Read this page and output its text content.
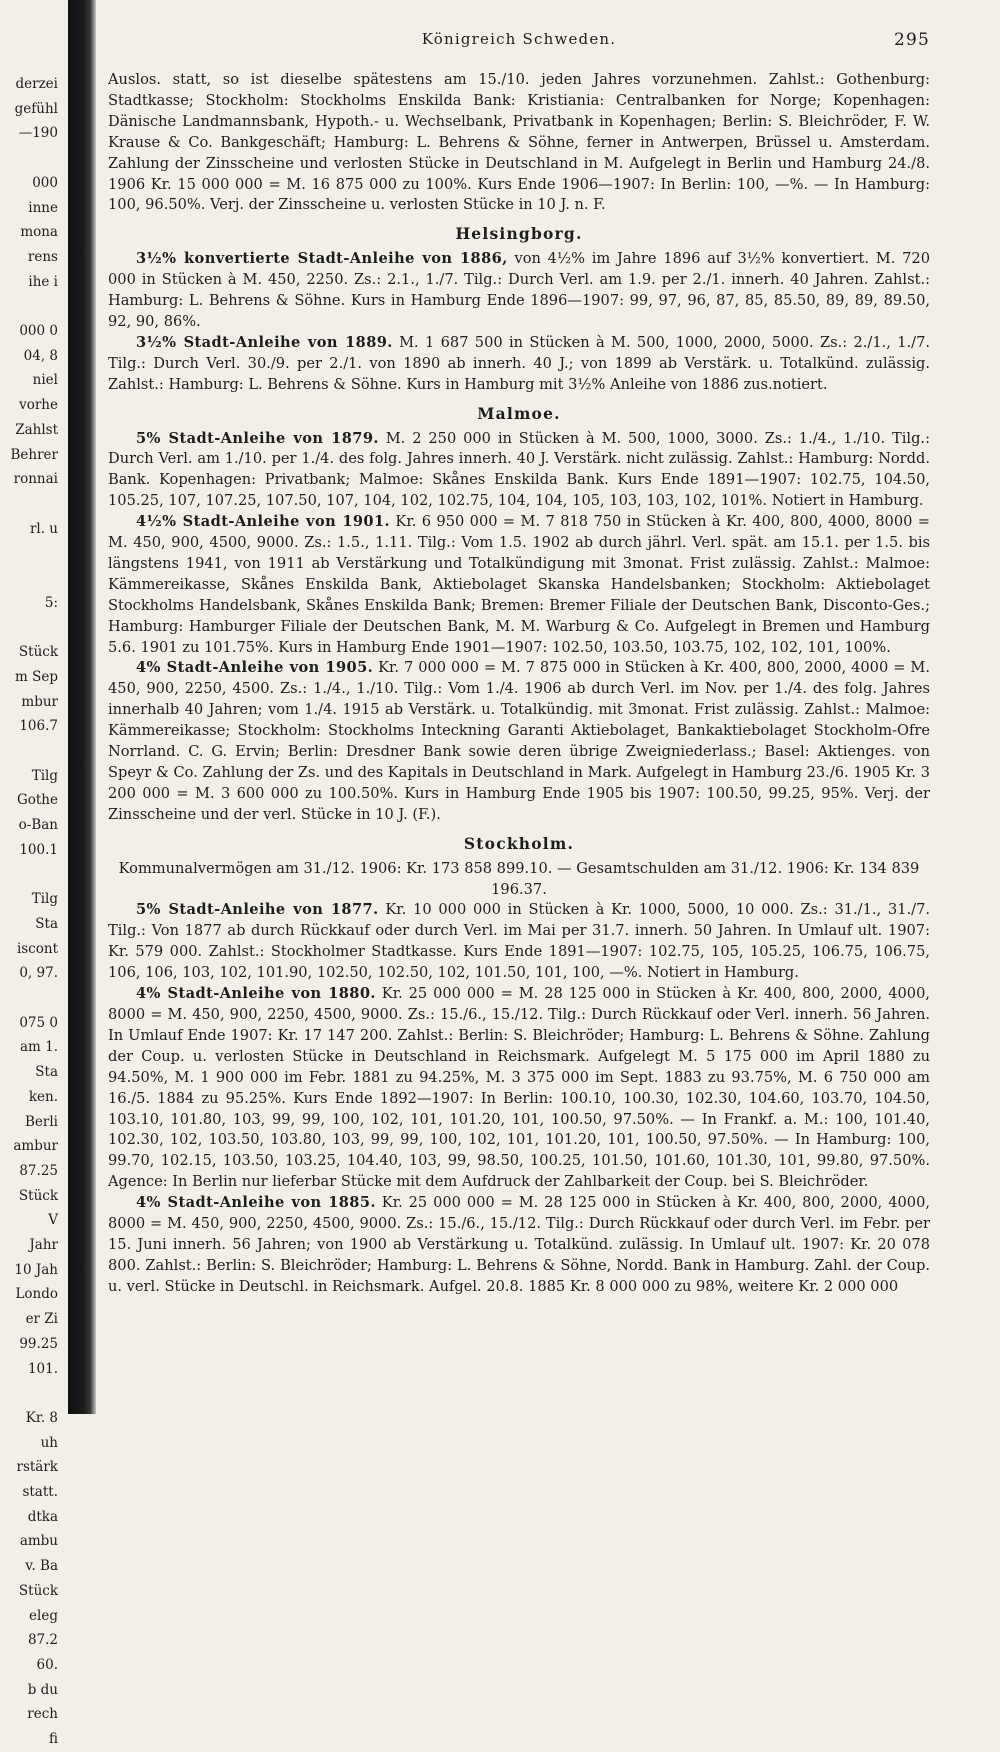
derzei
gefühl
—190

000
inne
mona
rens
ihe i

000 0
04, 8
niel
vorhe
Zahlst
Behrer
ronnai

rl. u

5:

Stück
m Sep
mbur
106.7

Tilg
Gothe
o-Ban
100.1

Tilg
Sta
iscont
0, 97.

075 0
am 1.
Sta
ken.
Berli
ambur
87.25
Stück
V
Jahr
10 Jah
Londo
er Zi
99.25
101.

Kr. 8
uh
rstärk
statt.
dtka
ambu
v. Ba
Stück
eleg
87.2
60.
b du
rech
fi
Königreich Schweden.	295

Auslos. statt, so ist dieselbe spätestens am 15./10. jeden Jahres vorzunehmen. Zahlst.: Gothenburg: Stadtkasse; Stockholm: Stockholms Enskilda Bank: Kristiania: Centralbanken for Norge; Kopenhagen: Dänische Landmannsbank, Hypoth.- u. Wechselbank, Privatbank in Kopenhagen; Berlin: S. Bleichröder, F. W. Krause & Co. Bankgeschäft; Hamburg: L. Behrens & Söhne, ferner in Antwerpen, Brüssel u. Amsterdam. Zahlung der Zinsscheine und verlosten Stücke in Deutschland in M. Aufgelegt in Berlin und Hamburg 24./8. 1906 Kr. 15 000 000 = M. 16 875 000 zu 100%. Kurs Ende 1906—1907: In Berlin: 100, —%. — In Hamburg: 100, 96.50%. Verj. der Zinsscheine u. verlosten Stücke in 10 J. n. F.

Helsingborg.

3½% konvertierte Stadt-Anleihe von 1886, von 4½% im Jahre 1896 auf 3½% konvertiert. M. 720 000 in Stücken à M. 450, 2250. Zs.: 2.1., 1./7. Tilg.: Durch Verl. am 1.9. per 2./1. innerh. 40 Jahren. Zahlst.: Hamburg: L. Behrens & Söhne. Kurs in Hamburg Ende 1896—1907: 99, 97, 96, 87, 85, 85.50, 89, 89, 89.50, 92, 90, 86%.

3½% Stadt-Anleihe von 1889. M. 1 687 500 in Stücken à M. 500, 1000, 2000, 5000. Zs.: 2./1., 1./7. Tilg.: Durch Verl. 30./9. per 2./1. von 1890 ab innerh. 40 J.; von 1899 ab Verstärk. u. Totalkünd. zulässig. Zahlst.: Hamburg: L. Behrens & Söhne. Kurs in Hamburg mit 3½% Anleihe von 1886 zus.notiert.

Malmoe.

5% Stadt-Anleihe von 1879. M. 2 250 000 in Stücken à M. 500, 1000, 3000. Zs.: 1./4., 1./10. Tilg.: Durch Verl. am 1./10. per 1./4. des folg. Jahres innerh. 40 J. Verstärk. nicht zulässig. Zahlst.: Hamburg: Nordd. Bank. Kopenhagen: Privatbank; Malmoe: Skånes Enskilda Bank. Kurs Ende 1891—1907: 102.75, 104.50, 105.25, 107, 107.25, 107.50, 107, 104, 102, 102.75, 104, 104, 105, 103, 103, 102, 101%. Notiert in Hamburg.

4½% Stadt-Anleihe von 1901. Kr. 6 950 000 = M. 7 818 750 in Stücken à Kr. 400, 800, 4000, 8000 = M. 450, 900, 4500, 9000. Zs.: 1.5., 1.11. Tilg.: Vom 1.5. 1902 ab durch jährl. Verl. spät. am 15.1. per 1.5. bis längstens 1941, von 1911 ab Verstärkung und Totalkündigung mit 3monat. Frist zulässig. Zahlst.: Malmoe: Kämmereikasse, Skånes Enskilda Bank, Aktiebolaget Skanska Handelsbanken; Stockholm: Aktiebolaget Stockholms Handelsbank, Skånes Enskilda Bank; Bremen: Bremer Filiale der Deutschen Bank, Disconto-Ges.; Hamburg: Hamburger Filiale der Deutschen Bank, M. M. Warburg & Co. Aufgelegt in Bremen und Hamburg 5.6. 1901 zu 101.75%. Kurs in Hamburg Ende 1901—1907: 102.50, 103.50, 103.75, 102, 102, 101, 100%.

4% Stadt-Anleihe von 1905. Kr. 7 000 000 = M. 7 875 000 in Stücken à Kr. 400, 800, 2000, 4000 = M. 450, 900, 2250, 4500. Zs.: 1./4., 1./10. Tilg.: Vom 1./4. 1906 ab durch Verl. im Nov. per 1./4. des folg. Jahres innerhalb 40 Jahren; vom 1./4. 1915 ab Verstärk. u. Totalkündig. mit 3monat. Frist zulässig. Zahlst.: Malmoe: Kämmereikasse; Stockholm: Stockholms Inteckning Garanti Aktiebolaget, Bankaktiebolaget Stockholm-Ofre Norrland. C. G. Ervin; Berlin: Dresdner Bank sowie deren übrige Zweigniederlass.; Basel: Aktienges. von Speyr & Co. Zahlung der Zs. und des Kapitals in Deutschland in Mark. Aufgelegt in Hamburg 23./6. 1905 Kr. 3 200 000 = M. 3 600 000 zu 100.50%. Kurs in Hamburg Ende 1905 bis 1907: 100.50, 99.25, 95%. Verj. der Zinsscheine und der verl. Stücke in 10 J. (F.).

Stockholm.

Kommunalvermögen am 31./12. 1906: Kr. 173 858 899.10. — Gesamtschulden am 31./12. 1906: Kr. 134 839 196.37.

5% Stadt-Anleihe von 1877. Kr. 10 000 000 in Stücken à Kr. 1000, 5000, 10 000. Zs.: 31./1., 31./7. Tilg.: Von 1877 ab durch Rückkauf oder durch Verl. im Mai per 31.7. innerh. 50 Jahren. In Umlauf ult. 1907: Kr. 579 000. Zahlst.: Stockholmer Stadtkasse. Kurs Ende 1891—1907: 102.75, 105, 105.25, 106.75, 106.75, 106, 106, 103, 102, 101.90, 102.50, 102.50, 102, 101.50, 101, 100, —%. Notiert in Hamburg.

4% Stadt-Anleihe von 1880. Kr. 25 000 000 = M. 28 125 000 in Stücken à Kr. 400, 800, 2000, 4000, 8000 = M. 450, 900, 2250, 4500, 9000. Zs.: 15./6., 15./12. Tilg.: Durch Rückkauf oder Verl. innerh. 56 Jahren. In Umlauf Ende 1907: Kr. 17 147 200. Zahlst.: Berlin: S. Bleichröder; Hamburg: L. Behrens & Söhne. Zahlung der Coup. u. verlosten Stücke in Deutschland in Reichsmark. Aufgelegt M. 5 175 000 im April 1880 zu 94.50%, M. 1 900 000 im Febr. 1881 zu 94.25%, M. 3 375 000 im Sept. 1883 zu 93.75%, M. 6 750 000 am 16./5. 1884 zu 95.25%. Kurs Ende 1892—1907: In Berlin: 100.10, 100.30, 102.30, 104.60, 103.70, 104.50, 103.10, 101.80, 103, 99, 99, 100, 102, 101, 101.20, 101, 100.50, 97.50%. — In Frankf. a. M.: 100, 101.40, 102.30, 102, 103.50, 103.80, 103, 99, 99, 100, 102, 101, 101.20, 101, 100.50, 97.50%. — In Hamburg: 100, 99.70, 102.15, 103.50, 103.25, 104.40, 103, 99, 98.50, 100.25, 101.50, 101.60, 101.30, 101, 99.80, 97.50%. Agence: In Berlin nur lieferbar Stücke mit dem Aufdruck der Zahlbarkeit der Coup. bei S. Bleichröder.

4% Stadt-Anleihe von 1885. Kr. 25 000 000 = M. 28 125 000 in Stücken à Kr. 400, 800, 2000, 4000, 8000 = M. 450, 900, 2250, 4500, 9000. Zs.: 15./6., 15./12. Tilg.: Durch Rückkauf oder durch Verl. im Febr. per 15. Juni innerh. 56 Jahren; von 1900 ab Verstärkung u. Totalkünd. zulässig. In Umlauf ult. 1907: Kr. 20 078 800. Zahlst.: Berlin: S. Bleichröder; Hamburg: L. Behrens & Söhne, Nordd. Bank in Hamburg. Zahl. der Coup. u. verl. Stücke in Deutschl. in Reichsmark. Aufgel. 20.8. 1885 Kr. 8 000 000 zu 98%, weitere Kr. 2 000 000
